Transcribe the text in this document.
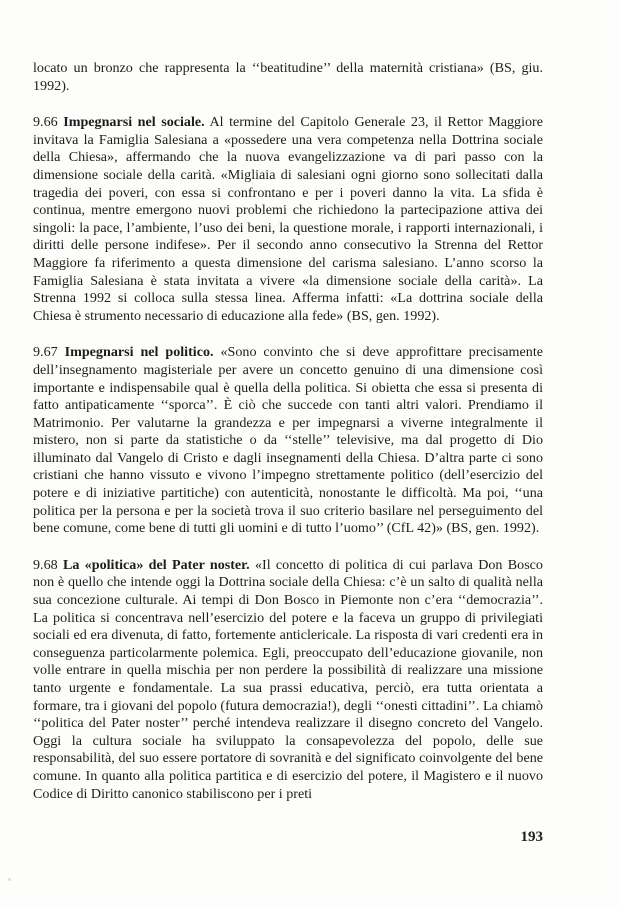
locato un bronzo che rappresenta la ‘‘beatitudine’’ della maternità cristiana» (BS, giu. 1992).

9.66 Impegnarsi nel sociale. Al termine del Capitolo Generale 23, il Rettor Maggiore invitava la Famiglia Salesiana a «possedere una vera competenza nella Dottrina sociale della Chiesa», affermando che la nuova evangelizzazione va di pari passo con la dimensione sociale della carità. «Migliaia di salesiani ogni giorno sono sollecitati dalla tragedia dei poveri, con essa si confrontano e per i poveri danno la vita. La sfida è continua, mentre emergono nuovi problemi che richiedono la partecipazione attiva dei singoli: la pace, l’ambiente, l’uso dei beni, la questione morale, i rapporti internazionali, i diritti delle persone indifese». Per il secondo anno consecutivo la Strenna del Rettor Maggiore fa riferimento a questa dimensione del carisma salesiano. L’anno scorso la Famiglia Salesiana è stata invitata a vivere «la dimensione sociale della carità». La Strenna 1992 si colloca sulla stessa linea. Afferma infatti: «La dottrina sociale della Chiesa è strumento necessario di educazione alla fede» (BS, gen. 1992).

9.67 Impegnarsi nel politico. «Sono convinto che si deve approfittare precisamente dell’insegnamento magisteriale per avere un concetto genuino di una dimensione così importante e indispensabile qual è quella della politica. Si obietta che essa si presenta di fatto antipaticamente ‘‘sporca’’. È ciò che succede con tanti altri valori. Prendiamo il Matrimonio. Per valutarne la grandezza e per impegnarsi a viverne integralmente il mistero, non si parte da statistiche o da ‘‘stelle’’ televisive, ma dal progetto di Dio illuminato dal Vangelo di Cristo e dagli insegnamenti della Chiesa. D’altra parte ci sono cristiani che hanno vissuto e vivono l’impegno strettamente politico (dell’esercizio del potere e di iniziative partitiche) con autenticità, nonostante le difficoltà. Ma poi, ‘‘una politica per la persona e per la società trova il suo criterio basilare nel perseguimento del bene comune, come bene di tutti gli uomini e di tutto l’uomo’’ (CfL 42)» (BS, gen. 1992).

9.68 La «politica» del Pater noster. «Il concetto di politica di cui parlava Don Bosco non è quello che intende oggi la Dottrina sociale della Chiesa: c’è un salto di qualità nella sua concezione culturale. Ai tempi di Don Bosco in Piemonte non c’era ‘‘democrazia’’. La politica si concentrava nell’esercizio del potere e la faceva un gruppo di privilegiati sociali ed era divenuta, di fatto, fortemente anticlericale. La risposta di vari credenti era in conseguenza particolarmente polemica. Egli, preoccupato dell’educazione giovanile, non volle entrare in quella mischia per non perdere la possibilità di realizzare una missione tanto urgente e fondamentale. La sua prassi educativa, perciò, era tutta orientata a formare, tra i giovani del popolo (futura democrazia!), degli ‘‘onesti cittadini’’. La chiamò ‘‘politica del Pater noster’’ perché intendeva realizzare il disegno concreto del Vangelo. Oggi la cultura sociale ha sviluppato la consapevolezza del popolo, delle sue responsabilità, del suo essere portatore di sovranità e del significato coinvolgente del bene comune. In quanto alla politica partitica e di esercizio del potere, il Magistero e il nuovo Codice di Diritto canonico stabiliscono per i preti

193
